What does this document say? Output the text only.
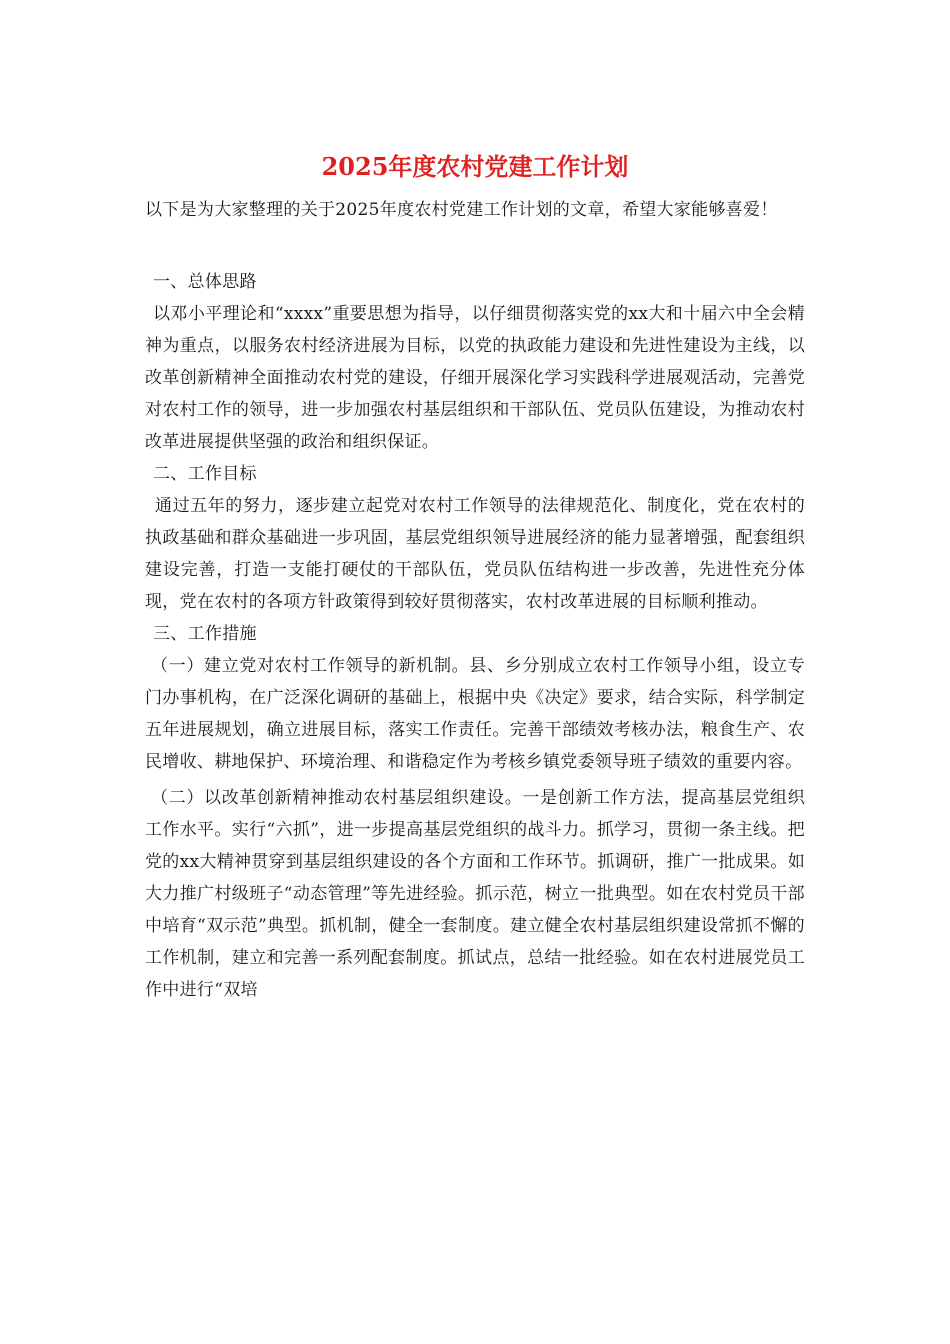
2025年度农村党建工作计划

以下是为大家整理的关于2025年度农村党建工作计划的文章，希望大家能够喜爱！

一、总体思路

以邓小平理论和“xxxx”重要思想为指导，以仔细贯彻落实党的xx大和十届六中全会精神为重点，以服务农村经济进展为目标，以党的执政能力建设和先进性建设为主线，以改革创新精神全面推动农村党的建设，仔细开展深化学习实践科学进展观活动，完善党对农村工作的领导，进一步加强农村基层组织和干部队伍、党员队伍建设，为推动农村改革进展提供坚强的政治和组织保证。

二、工作目标

通过五年的努力，逐步建立起党对农村工作领导的法律规范化、制度化，党在农村的执政基础和群众基础进一步巩固，基层党组织领导进展经济的能力显著增强，配套组织建设完善，打造一支能打硬仗的干部队伍，党员队伍结构进一步改善，先进性充分体现，党在农村的各项方针政策得到较好贯彻落实，农村改革进展的目标顺利推动。

三、工作措施

（一）建立党对农村工作领导的新机制。县、乡分别成立农村工作领导小组，设立专门办事机构，在广泛深化调研的基础上，根据中央《决定》要求，结合实际，科学制定五年进展规划，确立进展目标，落实工作责任。完善干部绩效考核办法，粮食生产、农民增收、耕地保护、环境治理、和谐稳定作为考核乡镇党委领导班子绩效的重要内容。

（二）以改革创新精神推动农村基层组织建设。一是创新工作方法，提高基层党组织工作水平。实行“六抓”，进一步提高基层党组织的战斗力。抓学习，贯彻一条主线。把党的xx大精神贯穿到基层组织建设的各个方面和工作环节。抓调研，推广一批成果。如大力推广村级班子“动态管理”等先进经验。抓示范，树立一批典型。如在农村党员干部中培育“双示范”典型。抓机制，健全一套制度。建立健全农村基层组织建设常抓不懈的工作机制，建立和完善一系列配套制度。抓试点，总结一批经验。如在农村进展党员工作中进行“双培
